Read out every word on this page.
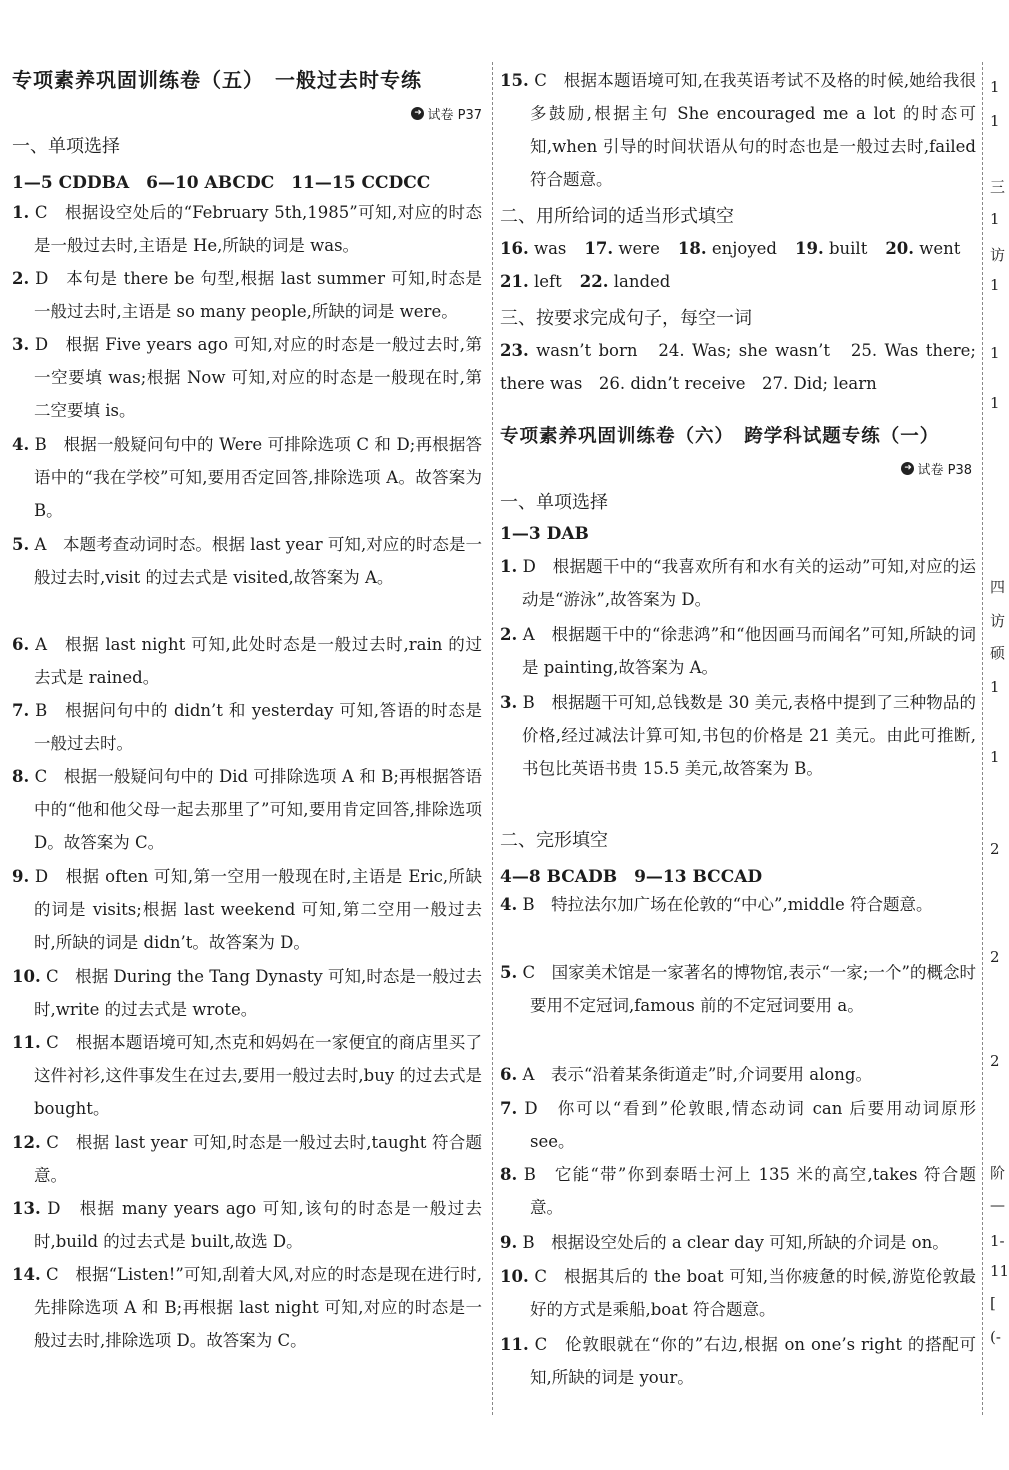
专项素养巩固训练卷（五）　一般过去时专练
➜ 试卷 P37
一、单项选择
1—5 CDDBA　6—10 ABCDC　11—15 CCDCC

1. C　根据设空处后的“February 5th,1985”可知,对应的时态是一般过去时,主语是 He,所缺的词是 was。

2. D　本句是 there be 句型,根据 last summer 可知,时态是一般过去时,主语是 so many people,所缺的词是 were。

3. D　根据 Five years ago 可知,对应的时态是一般过去时,第一空要填 was;根据 Now 可知,对应的时态是一般现在时,第二空要填 is。

4. B　根据一般疑问句中的 Were 可排除选项 C 和 D;再根据答语中的“我在学校”可知,要用否定回答,排除选项 A。故答案为 B。

5. A　本题考查动词时态。根据 last year 可知,对应的时态是一般过去时,visit 的过去式是 visited,故答案为 A。

6. A　根据 last night 可知,此处时态是一般过去时,rain 的过去式是 rained。

7. B　根据问句中的 didn’t 和 yesterday 可知,答语的时态是一般过去时。

8. C　根据一般疑问句中的 Did 可排除选项 A 和 B;再根据答语中的“他和他父母一起去那里了”可知,要用肯定回答,排除选项 D。故答案为 C。

9. D　根据 often 可知,第一空用一般现在时,主语是 Eric,所缺的词是 visits;根据 last weekend 可知,第二空用一般过去时,所缺的词是 didn’t。故答案为 D。

10. C　根据 During the Tang Dynasty 可知,时态是一般过去时,write 的过去式是 wrote。

11. C　根据本题语境可知,杰克和妈妈在一家便宜的商店里买了这件衬衫,这件事发生在过去,要用一般过去时,buy 的过去式是 bought。

12. C　根据 last year 可知,时态是一般过去时,taught 符合题意。

13. D　根据 many years ago 可知,该句的时态是一般过去时,build 的过去式是 built,故选 D。

14. C　根据“Listen!”可知,刮着大风,对应的时态是现在进行时,先排除选项 A 和 B;再根据 last night 可知,对应的时态是一般过去时,排除选项 D。故答案为 C。

15. C　根据本题语境可知,在我英语考试不及格的时候,她给我很多鼓励,根据主句 She encouraged me a lot 的时态可知,when 引导的时间状语从句的时态也是一般过去时,failed 符合题意。

二、用所给词的适当形式填空
16. was 17. were 18. enjoyed 19. built 20. went
21. left 22. landed
三、按要求完成句子，每空一词

23. wasn’t born　24. Was; she wasn’t　25. Was there; there was　26. didn’t receive　27. Did; learn

专项素养巩固训练卷（六）　跨学科试题专练（一）
➜ 试卷 P38
一、单项选择
1—3 DAB

1. D　根据题干中的“我喜欢所有和水有关的运动”可知,对应的运动是“游泳”,故答案为 D。

2. A　根据题干中的“徐悲鸿”和“他因画马而闻名”可知,所缺的词是 painting,故答案为 A。

3. B　根据题干可知,总钱数是 30 美元,表格中提到了三种物品的价格,经过减法计算可知,书包的价格是 21 美元。由此可推断,书包比英语书贵 15.5 美元,故答案为 B。

二、完形填空
4—8 BCADB　9—13 BCCAD

4. B　特拉法尔加广场在伦敦的“中心”,middle 符合题意。

5. C　国家美术馆是一家著名的博物馆,表示“一家;一个”的概念时要用不定冠词,famous 前的不定冠词要用 a。

6. A　表示“沿着某条街道走”时,介词要用 along。

7. D　你可以“看到”伦敦眼,情态动词 can 后要用动词原形 see。

8. B　它能“带”你到泰晤士河上 135 米的高空,takes 符合题意。

9. B　根据设空处后的 a clear day 可知,所缺的介词是 on。

10. C　根据其后的 the boat 可知,当你疲惫的时候,游览伦敦最好的方式是乘船,boat 符合题意。

11. C　伦敦眼就在“你的”右边,根据 on one’s right 的搭配可知,所缺的词是 your。

1
1
三
1
访
1
1
1
四
访
硕
1
1
2
2
2
阶
—
1-
11
[
(-
